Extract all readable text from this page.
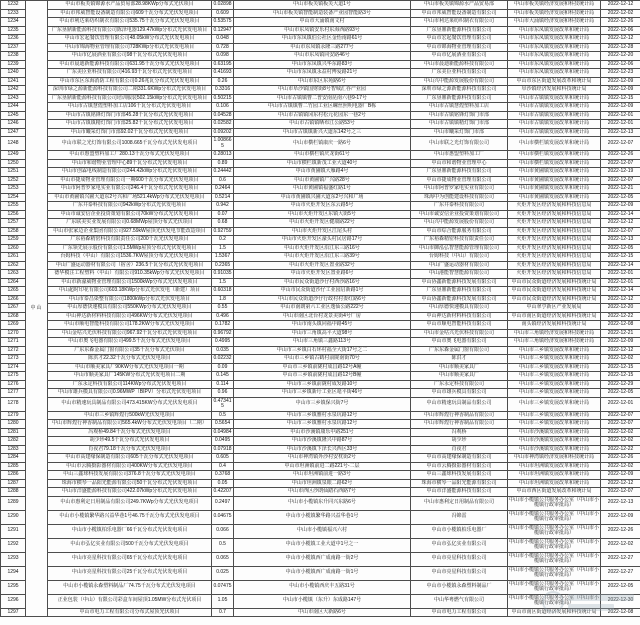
1232	中山	中山市板芙镇锦源水产品贸易部28.98KWp分布式光伏项目	0.02898	中山市板芙镇板芙大道1号	中山市板芙镇锦源水产品贸易部	中山市板芙镇经济发展和科技统计局	2022-12-12
1233		中山市邦威智能设备制造有限公司609千瓦分布式光伏发电项目	0.609	中山市板芙镇智能制造装备产业园智能路3号	中山市邦威智能设备制造有限公司	中山市板芙镇经济发展和科技统计局	2022-12-02
1234		中山市利达莱纺织制衣有限公司535.75千瓦分布式光伏发电项目	0.53575	中山市大涌镇南文村	中山市利达莱纺织制衣有限公司	中山市大涌镇经济发展和科技统计局	2022-12-26
1235		广东垦鼎新能源科技有限公司陈泽电器129.47kWp分布式光伏发电项目	0.12947	中山市东凤镇安乐村东海西路93号	广东垦鼎新能源科技有限公司	中山市东凤镇发展改革和统计局	2022-12-06
1236		中山市宏起餐饮管理有限公司48.05kW分布式光伏发电项目	0.048	中山市东凤镇伯公社区金怡南路61号	中山市宏起餐饮管理有限公司	中山市东凤镇发展改革和统计局	2022-12-12
1237		中山市锦海物业管理有限公司728KWp分布式光伏发电项目	0.728	中山市东凤镇永隆三路277号	中山市锦海物业管理有限公司	中山市东凤镇发展改革和统计局	2022-12-28
1238		中山市亿展酒业有限公司98千瓦分布式光伏发电项目	0.098	中山市东凤镇同安路46号	中山市亿展酒业有限公司	中山市东凤镇发展改革和统计局	2022-12-20
1239		中山市晨迪新能源科技有限公司631.95千瓦分布式光伏发电项目	0.63195	中山市东凤镇兴华东路83号	中山市晨迪新能源科技有限公司	中山市东凤镇发展改革和统计局	2022-12-06
1240		广东美臣亚科技有限公司416.93千瓦分布式光伏发电项目	0.41693	中山市东凤镇永益村博爱路21号	广东美臣亚科技有限公司	中山市东凤镇发展改革和统计局	2022-12-23
1241		中山市东区东海消防工程有限公司0.26兆瓦分布式光伏发电项目	0.26	中山市东区东苑路6号	中山兴中能源发展股份有限公司	中山市东区街道发展改革和统计局	2022-12-09
1242		深圳市绿之源新能源科技有限公司二期331.6KWp分布式光伏发电项目	0.3316	中山市阜沙镇国财街8号智城汇谷产业园	深圳市绿之源新能源科技有限公司	阜沙镇经济发展和科技统计局	2022-12-09
1243		广东垦鼎新能源科技有限公司培训服装502.15kWp分布式光伏发电项目	0.50215	中山市古镇镇曹二普安南昆南六巷9-17号	广东垦鼎新能源科技有限公司	中山市古镇镇发展改革和统计局	2022-12-15
1244		中山市古镇慧煌塑料加工店106千瓦分布式光伏发电项目	0.106	中山市古镇镇曹二竹园工业区螺丝照明电器厂B栋	中山市古镇慧煌塑料加工店	中山市古镇镇发展改革和统计局	2022-12-09
1245		中山市古镇铭锋灯饰门市部45.28千瓦分布式光伏发电项目	0.04528	中山市古镇镇冈东村松元花园东一巷2号	中山市古镇铭锋灯饰门市部	中山市古镇镇发展改革和统计局	2022-12-01
1246		中山市古镇镇精灯饰门市部25.82千瓦分布式光伏发电项目	0.02582	中山市古镇镇晒布江公路53号	中山市古镇镇精灯饰门市部	中山市古镇镇发展改革和统计局	2022-12-01
1247		中山市曦采灯饰门市部92.02千瓦分布式光伏发电项目	0.09202	中山市古镇镇新兴大道东142号之三	中山市曦采灯饰门市部	中山市古镇镇发展改革和统计局	2022-12-13
1248		中山市联之光灯饰有限公司1008.665千瓦分布式光伏发电项目	1.008665	中山市横栏镇康庆一路6号	中山市联之光灯饰有限公司	中山市横栏镇发展改革和统计局	2022-12-07
1249		中山市惠盟塑料加工厂280.13千瓦分布式光伏发电项目	0.28013	中山市横栏镇庆龙街61号	中山市惠盟塑料加工厂	中山市横栏镇发展改革和统计局	2022-12-26
1250		中山市和谐物业管理中心89千瓦分布式光伏发电项目	0.89	中山市横栏镇新茂工业大道40号	中山市和谐物业管理中心	中山市横栏镇发展改革和统计局	2022-12-07
1251		中山市创霖电线制造有限公司244.42kWp分布式光伏发电项目	0.24442	中山市黄圃镇大雁路4号	广东垦鼎新能源科技有限公司	中山市黄圃镇发展改革和统计局	2022-12-19
1252		中山市捷成物业管理有限公司一期600千瓦分布式光伏发电项目	0.6	中山市黄圃镇广兴路28号	中山市捷成物业管理有限公司	中山市黄圃镇发展改革和统计局	2022-12-07
1253		中山市阿普罗家电实业有限公司246.4千瓦分布式光伏发电项目	0.2464	中山市黄圃镇福盛红路1号	中山市阿普罗家电实业有限公司	中山市黄圃镇发展改革和统计局	2022-12-21
1254		中山市黄圃镇兴圃大道东2号兴和广场521.4kWp分布式光伏发电项目	0.5214	中山市黄圃镇兴圃大道东2号兴和广场	珠海中为创能建设科技有限公司	中山市黄圃镇发展改革和统计局	2022-12-05
1255		广东井泰科技有限公司942kWp分布式光伏发电项目	0.942	中山市火炬开发区东云路5号	广东井泰科技有限公司	火炬开发区经济发展和科技信息局	2022-12-09
1256		中山市诚安信企业投资策划有限公司70kW分布式光伏发电项目	0.07	中山市火炬开发区东镇大街5号	中山市诚安信企业投资策划有限公司	火炬开发区经济发展和科技信息局	2022-12-14
1257		广东联美实业发展有限公司0.68MWp屋顶分布式光伏项目	0.68	中山市火炬开发区健康路22号	中山兴中能源发展股份有限公司	火炬开发区经济发展和科技信息局	2022-12-12
1258		中山市张家边企业集团有限公司927.59kW屋顶光伏发电节能改造项目	0.92759	中山市火炬开发区江尾头村	中山市综合能源服务有限公司	火炬开发区经济发展和科技信息局	2022-12-07
1259		广东裕森精密科技有限责任公司200千瓦光伏发电项目	0.2	中山市火炬开发区濠头村民居路17号	广东裕森精密科技有限责任公司	火炬开发区经济发展和科技信息局	2022-12-13
1260		广东领先展示股份有限公司1.5MWp屋顶分布式光伏发电项目	1.5	中山市火炬开发区沿江东三路16号	中山市御泓弘智慧能源管理有限公司	火炬开发区经济发展和科技信息局	2022-12-05
1261		台姆科技（中山）有限公司1536.7KW屋顶分布式光伏发电项目	1.5367	中山市火炬开发区沿江东三路39号	台姆科技（中山）有限公司	火炬开发区经济发展和科技信息局	2022-12-15
1262		中山广盛运动器材有限公司（宿舍）236.5千瓦分布式光伏发电项目	0.2365	中山市火炬开发区置业路32号	中山广盛运动器材有限公司	火炬开发区经济发展和科技信息局	2022-12-14
1263		德华模注工程塑料（中山）有限公司910.35kWp分布式光伏发电项目	0.91035	中山市火炬开发区置业路6号	中山港能智慧能源有限公司	火炬开发区经济发展和科技信息局	2022-12-01
1264		中山市新濠威物业管理有限公司1500kWp分布式光伏发电项目	1.5	中山市民众街道沙仔村西沙路16号	中山协鑫新能源科技发展有限公司	中山市民众街道经济发展和科技统计局	2022-12-01
1265		中山超时印花有限公司603.18KWp分布式光伏发电（新建）项目	0.60318	中山市民众街道沙仔工业园启新路1号	广东垦鼎新能源科技有限公司	中山市民众街道经济发展和科技统计局	2022-12-14
1266		中山市泰昌染整有限公司1800kWp分布式光伏发电项目	1.8	中山市民众街道沙仔行政村村委红路6号	中山协鑫新能源科技发展有限公司	中山市民众街道经济发展和科技统计局	2022-12-12
1267		中山厚德快速模具有限公司550KWp分布式光伏发电项目	0.55	中山市南朗第六工业区逸仙公路222号	中山厚德快速模具有限公司	中山翠亨新区产业发展局	2022-12-20
1268		中山神达新材料科技有限公司496KW分布式光伏发电项目	0.496	中山市南区北台村龙景美街4号厂房	中山神达新材料科技有限公司	中山市南区街道经济发展和科技统计局	2022-12-22
1269		中山市顺电智能科技有限公司178.2KW分布式光伏发电项目	0.1782	中山市南头镇同福中路45号	中山市顺电智能科技有限公司	南头镇经济发展和科技统计局	2022-12-08
1270		中山金咕兴光伏科技有限公司967.92千瓦分布式光伏发电项目	0.96792	中山市三角镇高平大道98号	中山市金咕兴光伏科技有限公司	中山市三角镇经济发展和科技统计局	2022-12-21
1271		中山市奥飞电器有限公司499.5千瓦分布式光伏发电项目	0.4995	中山市三角镇三鑫路113号	中山市奥飞电器有限公司	中山市三角镇经济发展和科技统计局	2022-12-09
1272		广东东森金属门窗有限公司35千瓦分布式光伏项目	0.035	中山市三乡镇白石环村福全大街17号之二	广东东森金属门窗有限公司	中山市三乡镇发展改革和统计局	2022-12-12
1273		陈洪才22.32千瓦分布式光伏发电项目	0.02232	中山市三乡镇古鹤村前陇南街70号	陈洪才	中山市三乡镇发展改革和统计局	2022-12-02
1274		中山市顺美家具厂90KW分布式光伏发电项目一期	0.09	中山市三乡镇前陇村成昌路12号A幢	中山市顺美家具厂	中山市三乡镇发展改革和统计局	2022-12-15
1275		中山市顺美家具厂145KW分布式光伏发电项目二期	0.145	中山市三乡镇前陇村成昌路12号B幢	中山市顺美家具厂	中山市三乡镇发展改革和统计局	2022-12-15
1276		广东永定科技有限公司114KWp分布式光伏发电项目	0.114	中山市三乡镇前陇村成发路10号	广东永定科技有限公司	中山市三乡镇发展改革和统计局	2022-12-29
1277		中山市雄兵模具有限公司0.96MWP（BIPV）分布式光伏发电项目	0.96	中山市三乡镇新圩工业区毫平街46号	中山市雄兵模具有限公司	中山市三乡镇发展改革和统计局	2022-12-05
1278		中山市精速玩具制品有限公司473.415KW分布式光伏发电项目	0.473415	中山市三乡镇保兴街7号	中山市精速玩具制品有限公司	中山市三乡镇发展改革和统计局	2022-12-01
1279		中山市三乡镇辉煌行500kW光伏发电项目	0.5	中山市三乡镇雅村水泉坑路12号	中山市辉煌行神香制品有限公司	中山市三乡镇发展改革和统计局	2022-12-07
1280		中山市辉煌行神香制品有限公司565.4kW分布式光伏发电项目（二期）	0.5654	中山市三乡镇雅村水泉坑路12号	中山市辉煌行神香制品有限公司	中山市三乡镇发展改革和统计局	2022-12-07
1281		冯观桥49.84千瓦分布式光伏发电项目	0.04984	中山市沙溪镇康乐中路251号	冯观桥	中山市沙溪镇发展改革和统计局	2022-12-02
1282		胡少珍49.5千瓦分布式光伏发电项目	0.0495	中山市沙溪镇隆兴中路87号	胡少珍	中山市沙溪镇发展改革和统计局	2022-12-02
1283		肖夜君79.18千瓦分布式光伏发电项目	0.07918	中山市沙溪镇下泽长兴西区33号	肖夜君	中山市沙溪镇发展改革和统计局	2022-12-22
1284		中山市高建缘保制造有限公司605千瓦分布式光伏发电项目	0.605	中山市神湾镇外沙村安枕街2号	中山市高建缘保制造有限公司	中山市神湾镇经济发展和科技统计局	2022-12-26
1285		中山市云腾摄影器材有限公司400KW分布式光伏发电项目	0.4	中山市坦洲镇前进二路221号-二层	中山市云腾摄影器材有限公司	中山市坦洲镇发展改革和统计局	2022-12-02
1286		中山三鑫球科技发展有限公司376.8千瓦分布式光伏发电项目	0.3768	中山市坦洲镇前进一路3号	中山三鑫球科技发展有限公司	中山市坦洲镇发展改革和统计局	2022-12-09
1287		珠海市横琴一品阳光能源有限公司50千瓦分布式光伏发电项目	0.05	中山市坦洲镇泉眼二路62号	珠海市横琴一品阳光能源有限公司	中山市坦洲镇发展改革和统计局	2022-12-12
1288		中山市洋盛能源科技有限公司422.07kWp分布式光伏发电项目	0.42207	中山市西区沙朗仙踏石西路7号	中山市洋盛能源科技有限公司	中山市西区街道发展改革和统计局	2022-12-07
1289		中山市惠利定日用制品有限公司249.7KWp分布式光伏发电项目	0.2497	中山市小榄镇东升同兴东路6号	中山市惠利定日用制品有限公司	中山市小榄镇公共服务办公室（中山市小榄镇行政审批局）	2022-12-13
1290		中山市小榄镇繁华路兴益华巷1号46.75千瓦分布式光伏发电项目	0.04675	中山市小榄镇繁华路兴益华巷1号	冯锦雷	中山市小榄镇公共服务办公室（中山市小榄镇行政审批局）	2022-12-09
1291		中山市小榄镇柏乐电器厂66千瓦分布式光伏发电项目	0.066	中山市小榄镇福兴六村	中山市小榄镇柏乐电器厂	中山市小榄镇公共服务办公室（中山市小榄镇行政审批局）	2022-12-26
1292		中山市弘亿实业有限公司500千瓦分布式光伏发电项目	0.5	中山市小榄镇工业大道中1号之一	中山市弘亿实业有限公司	中山市小榄镇公共服务办公室（中山市小榄镇行政审批局）	2022-12-02
1293		中山市亮星科技有限公司65千瓦分布式光伏发电项目	0.065	中山市小榄镇西广成南路一街2号	中山市亮星科技有限公司	中山市小榄镇公共服务办公室（中山市小榄镇行政审批局）	2022-12-27
1294		中山市亮星科技有限公司25千瓦分布式光伏发电项目	0.025	中山市小榄镇西广成南路一街1号	中山市亮星科技有限公司	中山市小榄镇公共服务办公室（中山市小榄镇行政审批局）	2022-12-27
1295		中山市小榄镇永森塑料制品厂74.75千瓦分布式光伏发电项目	0.07475	中山市小榄镇西庆丰五路31号	中山市小榄镇永森塑料制品厂	中山市小榄镇公共服务办公室（中山市小榄镇行政审批局）	2022-12-05
1296		正业包装（中山）有限公司彩盒车间屋顶1.05MW分布式光伏项目	1.05	中山市小榄镇（东升）东成路147号	中山华粤燃气有限公司	中山市小榄镇公共服务办公室（中山市小榄镇行政审批局）	2022-12-30
1297		中山市电力工程有限公司分布式屋顶光伏项目	0.7	中山市南区大新路6号	中山市电力工程有限公司	中山市南区街道经济发展和科技统计局	2022-12-08
